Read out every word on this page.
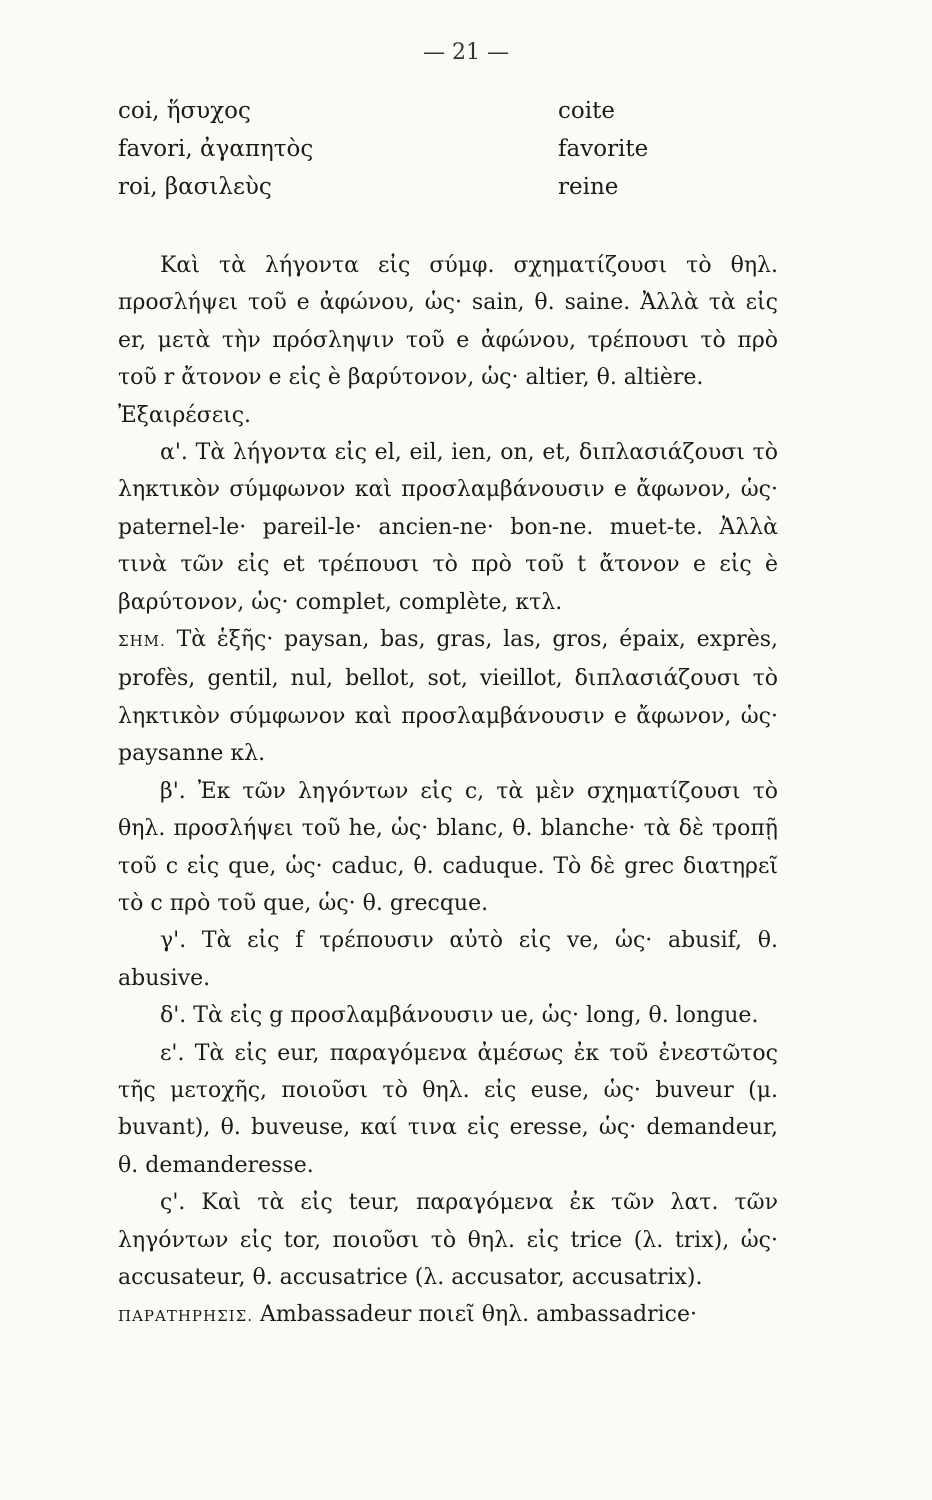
— 21 —
coi, ἥσυχος	coite
favori, ἀγαπητὸς	favorite
roi, βασιλεὺς	reine

Καὶ τὰ λήγοντα εἰς σύμφ. σχηματίζουσι τὸ θηλ. προσλήψει τοῦ e ἀφώνου, ὡς· sain, θ. saine. Ἀλλὰ τὰ εἰς er, μετὰ τὴν πρόσληψιν τοῦ e ἀφώνου, τρέπουσι τὸ πρὸ τοῦ r ἄτονον e εἰς è βαρύτονον, ὡς· altier, θ. altière.

Ἐξαιρέσεις.

α'. Τὰ λήγοντα εἰς el, eil, ien, on, et, διπλασιάζουσι τὸ ληκτικὸν σύμφωνον καὶ προσλαμβάνουσιν e ἄφωνον, ὡς· paternel-le· pareil-le· ancien-ne· bon-ne. muet-te. Ἀλλὰ τινὰ τῶν εἰς et τρέπουσι τὸ πρὸ τοῦ t ἄτονον e εἰς è βαρύτονον, ὡς· complet, complète, κτλ.

ΣΗΜ. Τὰ ἑξῆς· paysan, bas, gras, las, gros, épaix, exprès, profès, gentil, nul, bellot, sot, vieillot, διπλασιάζουσι τὸ ληκτικὸν σύμφωνον καὶ προσλαμβάνουσιν e ἄφωνον, ὡς· paysanne κλ.

β'. Ἐκ τῶν ληγόντων εἰς c, τὰ μὲν σχηματίζουσι τὸ θηλ. προσλήψει τοῦ he, ὡς· blanc, θ. blanche· τὰ δὲ τροπῇ τοῦ c εἰς que, ὡς· caduc, θ. caduque. Τὸ δὲ grec διατηρεῖ τὸ c πρὸ τοῦ que, ὡς· θ. grecque.

γ'. Τὰ εἰς f τρέπουσιν αὐτὸ εἰς ve, ὡς· abusif, θ. abusive.

δ'. Τὰ εἰς g προσλαμβάνουσιν ue, ὡς· long, θ. longue.

ε'. Τὰ εἰς eur, παραγόμενα ἀμέσως ἐκ τοῦ ἐνεστῶτος τῆς μετοχῆς, ποιοῦσι τὸ θηλ. εἰς euse, ὡς· buveur (μ. buvant), θ. buveuse, καί τινα εἰς eresse, ὡς· demandeur, θ. demanderesse.

ς'. Καὶ τὰ εἰς teur, παραγόμενα ἐκ τῶν λατ. τῶν ληγόντων εἰς tor, ποιοῦσι τὸ θηλ. εἰς trice (λ. trix), ὡς· accusateur, θ. accusatrice (λ. accusator, accusatrix).

ΠΑΡΑΤΗΡΗΣΙΣ. Ambassadeur ποιεῖ θηλ. ambassadrice·
